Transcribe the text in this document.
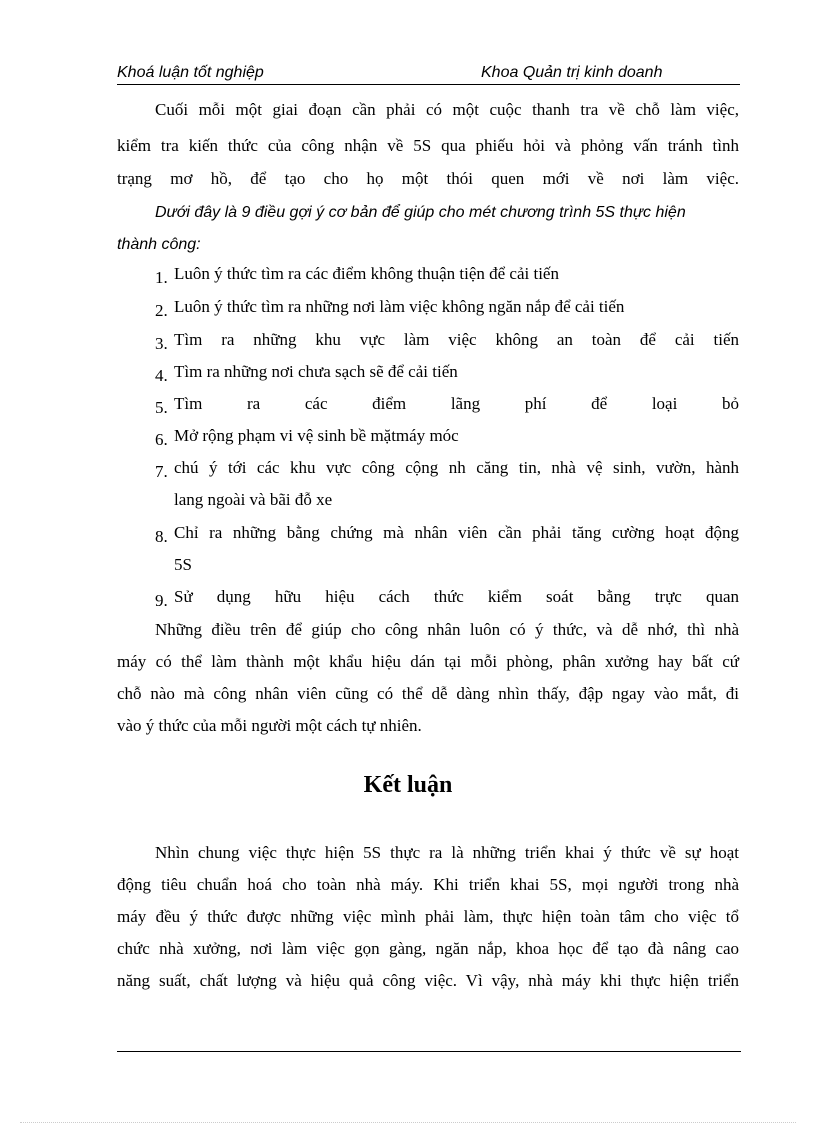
Khoá luận tốt nghiệp	Khoa Quản trị kinh doanh
Cuối mỗi một giai đoạn cần phải có một cuộc thanh tra về chỗ làm việc,
kiểm tra kiến thức của công nhận về 5S qua phiếu hỏi và phỏng vấn tránh tình
trạng mơ hồ, để tạo cho họ một thói quen mới về nơi làm việc.
Dưới đây là 9 điều gợi ý cơ bản để giúp cho mét chương trình 5S thực hiện
thành công:
1. Luôn ý thức tìm ra các điểm không thuận tiện để cải tiến
2. Luôn ý thức tìm ra những nơi làm việc không ngăn nắp để cải tiến
3. Tìm ra những khu vực làm việc không an toàn để cải tiến
4. Tìm ra những nơi chưa sạch sẽ để cải tiến
5. Tìm ra các điểm lãng phí để loại bỏ
6. Mở rộng phạm vi vệ sinh bề mặtmáy móc
7. chú ý tới các khu vực công cộng nh căng tin, nhà vệ sinh, vườn, hành
lang ngoài và bãi đỗ xe
8. Chỉ ra những bằng chứng mà nhân viên cần phải tăng cường hoạt động
5S
9. Sử dụng hữu hiệu cách thức kiểm soát bằng trực quan
Những điều trên để giúp cho công nhân luôn có ý thức, và dễ nhớ, thì nhà
máy có thể làm thành một khẩu hiệu dán tại mỗi phòng, phân xưởng hay bất cứ
chỗ nào mà công nhân viên cũng có thể dễ dàng nhìn thấy, đập ngay vào mắt, đi
vào ý thức của mỗi người một cách tự nhiên.
Kết luận
Nhìn chung việc thực hiện 5S thực ra là những triển khai ý thức về sự hoạt
động tiêu chuẩn hoá cho toàn nhà máy. Khi triển khai 5S, mọi người trong nhà
máy đều ý thức được những việc mình phải làm, thực hiện toàn tâm cho việc tổ
chức nhà xưởng, nơi làm việc gọn gàng, ngăn nắp, khoa học để tạo đà nâng cao
năng suất, chất lượng và hiệu quả công việc. Vì vậy, nhà máy khi thực hiện triển
